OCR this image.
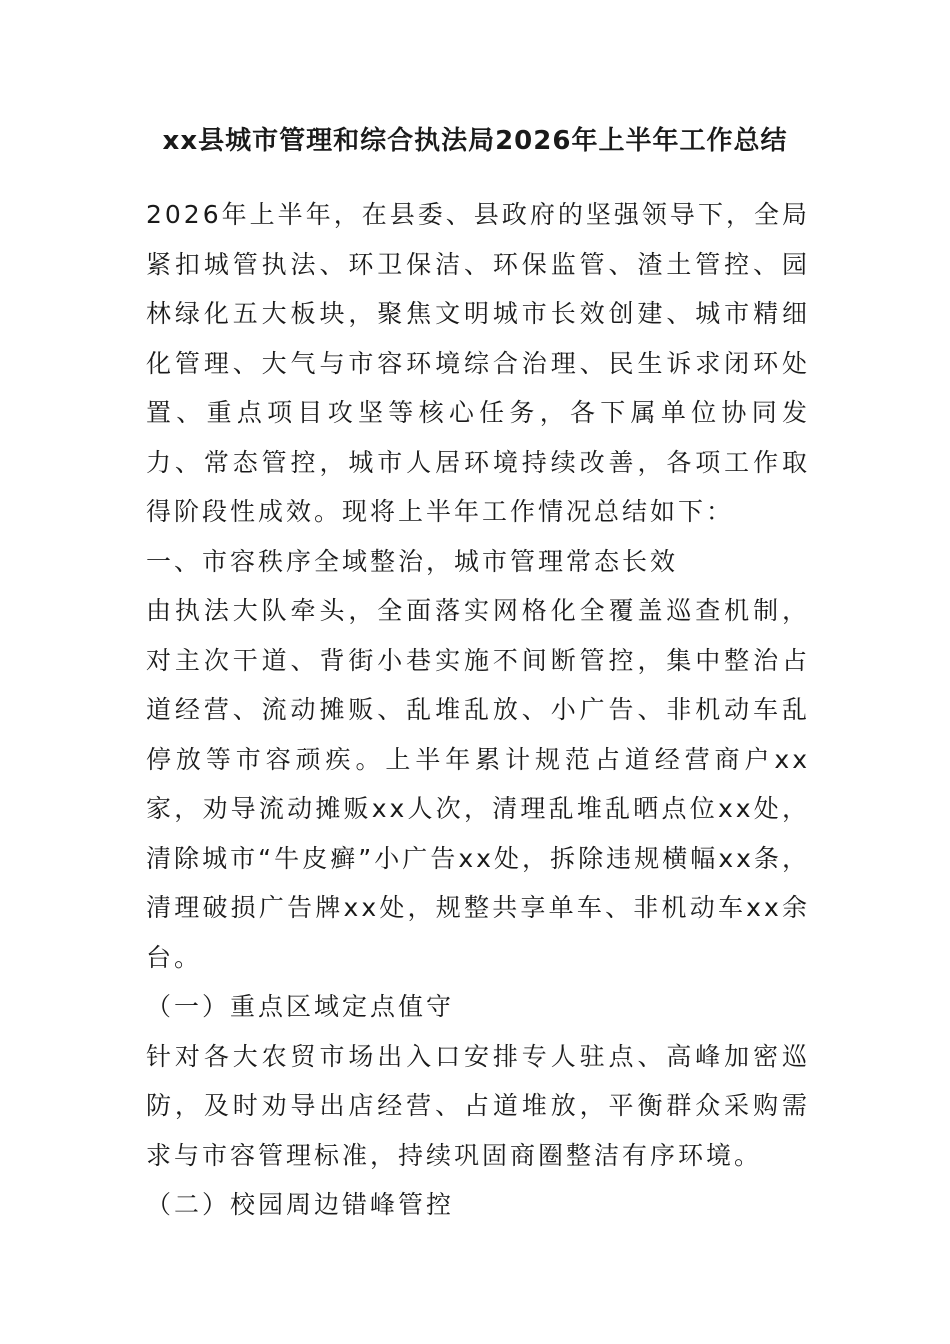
xx县城市管理和综合执法局2026年上半年工作总结

2026年上半年，在县委、县政府的坚强领导下，全局紧扣城管执法、环卫保洁、环保监管、渣土管控、园林绿化五大板块，聚焦文明城市长效创建、城市精细化管理、大气与市容环境综合治理、民生诉求闭环处置、重点项目攻坚等核心任务，各下属单位协同发力、常态管控，城市人居环境持续改善，各项工作取得阶段性成效。现将上半年工作情况总结如下：

一、市容秩序全域整治，城市管理常态长效

由执法大队牵头，全面落实网格化全覆盖巡查机制，对主次干道、背街小巷实施不间断管控，集中整治占道经营、流动摊贩、乱堆乱放、小广告、非机动车乱停放等市容顽疾。上半年累计规范占道经营商户xx家，劝导流动摊贩xx人次，清理乱堆乱晒点位xx处，清除城市“牛皮癣”小广告xx处，拆除违规横幅xx条，清理破损广告牌xx处，规整共享单车、非机动车xx余台。

（一）重点区域定点值守

针对各大农贸市场出入口安排专人驻点、高峰加密巡防，及时劝导出店经营、占道堆放，平衡群众采购需求与市容管理标准，持续巩固商圈整洁有序环境。

（二）校园周边错峰管控
